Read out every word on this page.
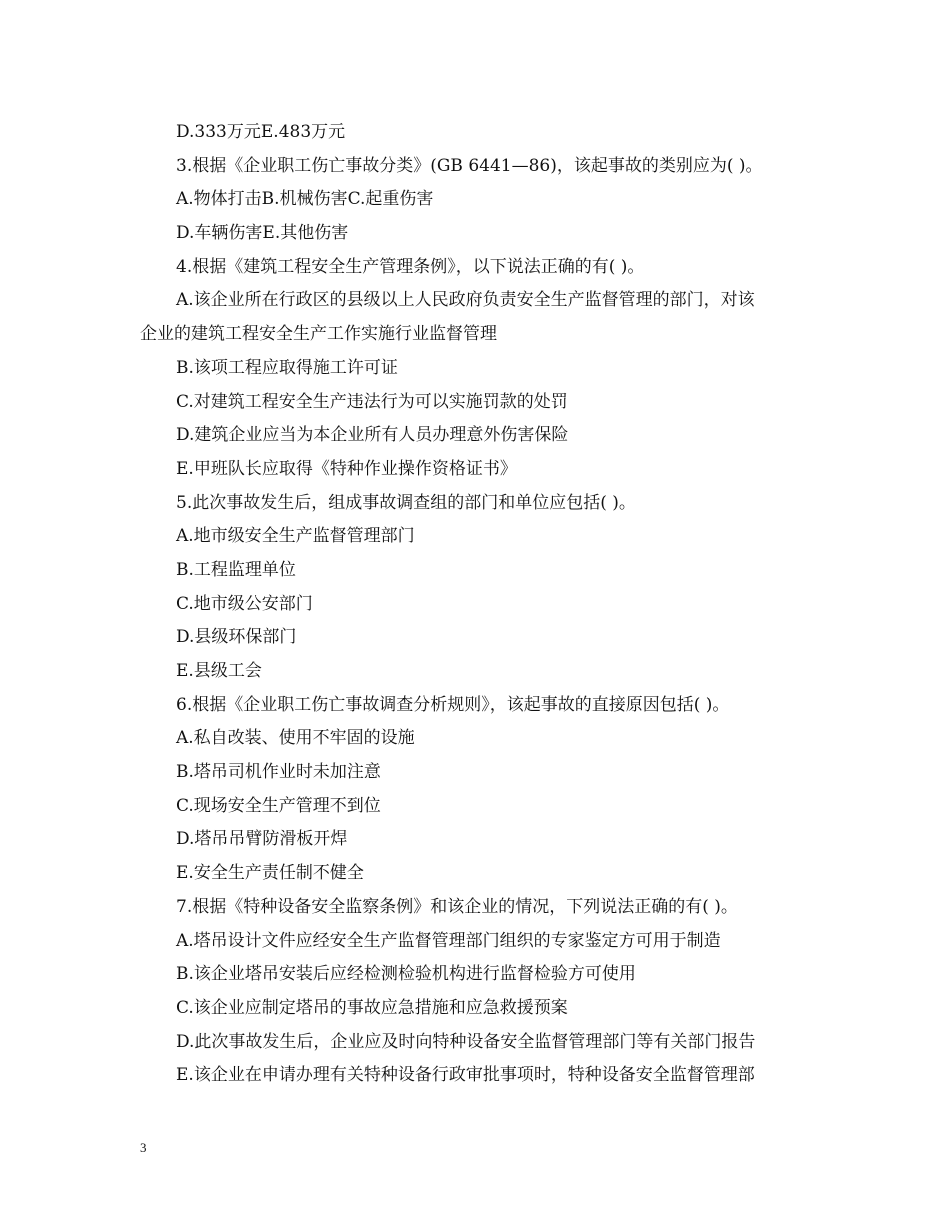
D.333万元E.483万元
3.根据《企业职工伤亡事故分类》(GB 6441—86)，该起事故的类别应为( )。
A.物体打击B.机械伤害C.起重伤害
D.车辆伤害E.其他伤害
4.根据《建筑工程安全生产管理条例》，以下说法正确的有( )。
A.该企业所在行政区的县级以上人民政府负责安全生产监督管理的部门，对该
企业的建筑工程安全生产工作实施行业监督管理
B.该项工程应取得施工许可证
C.对建筑工程安全生产违法行为可以实施罚款的处罚
D.建筑企业应当为本企业所有人员办理意外伤害保险
E.甲班队长应取得《特种作业操作资格证书》
5.此次事故发生后，组成事故调查组的部门和单位应包括( )。
A.地市级安全生产监督管理部门
B.工程监理单位
C.地市级公安部门
D.县级环保部门
E.县级工会
6.根据《企业职工伤亡事故调查分析规则》，该起事故的直接原因包括( )。
A.私自改装、使用不牢固的设施
B.塔吊司机作业时未加注意
C.现场安全生产管理不到位
D.塔吊吊臂防滑板开焊
E.安全生产责任制不健全
7.根据《特种设备安全监察条例》和该企业的情况，下列说法正确的有( )。
A.塔吊设计文件应经安全生产监督管理部门组织的专家鉴定方可用于制造
B.该企业塔吊安装后应经检测检验机构进行监督检验方可使用
C.该企业应制定塔吊的事故应急措施和应急救援预案
D.此次事故发生后，企业应及时向特种设备安全监督管理部门等有关部门报告
E.该企业在申请办理有关特种设备行政审批事项时，特种设备安全监督管理部
3
